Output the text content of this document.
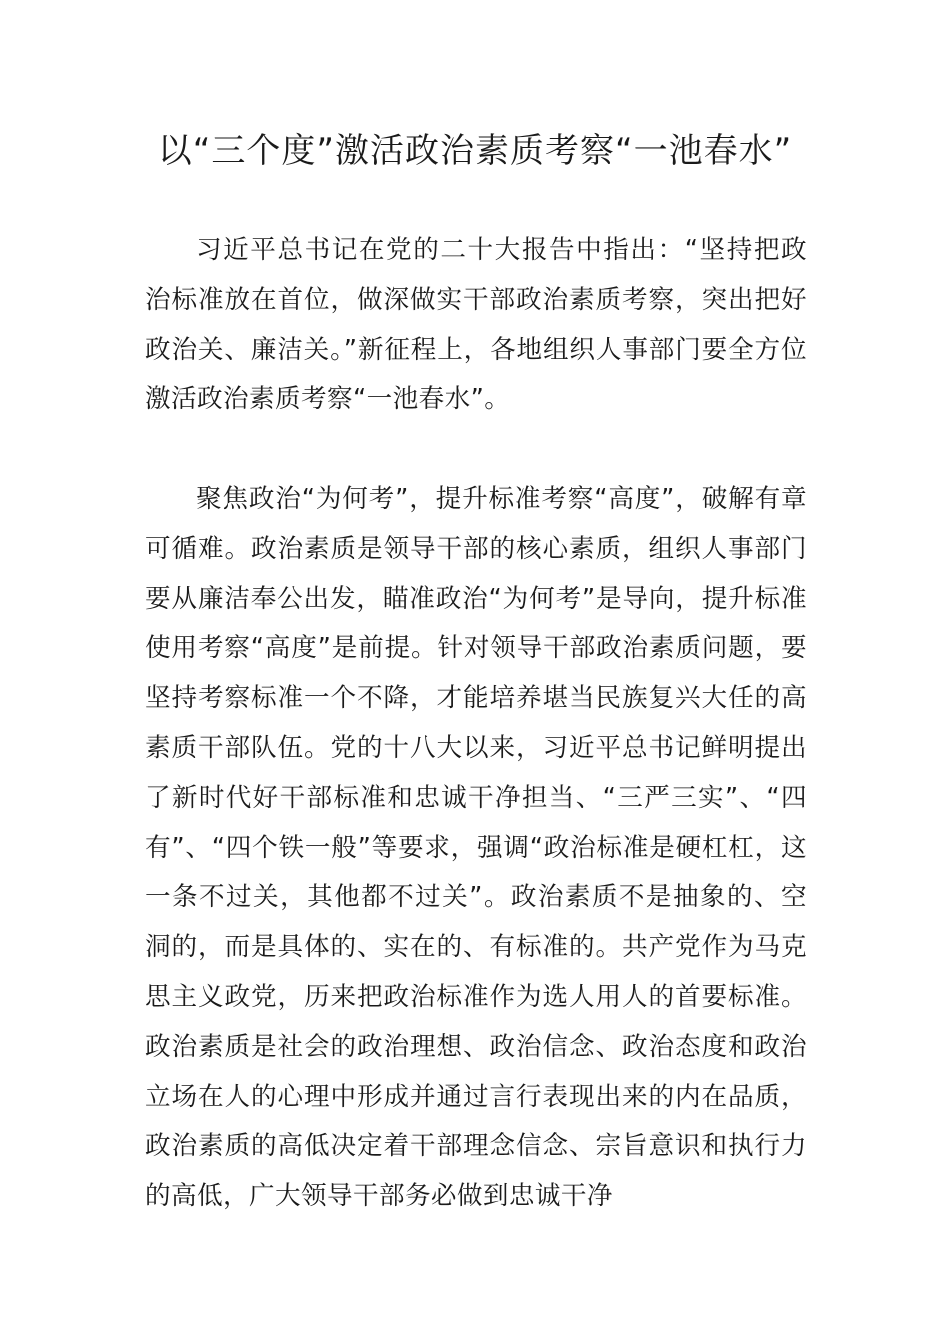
以“三个度”激活政治素质考察“一池春水”

习近平总书记在党的二十大报告中指出：“坚持把政治标准放在首位，做深做实干部政治素质考察，突出把好政治关、廉洁关。”新征程上，各地组织人事部门要全方位激活政治素质考察“一池春水”。

聚焦政治“为何考”，提升标准考察“高度”，破解有章可循难。政治素质是领导干部的核心素质，组织人事部门要从廉洁奉公出发，瞄准政治“为何考”是导向，提升标准使用考察“高度”是前提。针对领导干部政治素质问题，要坚持考察标准一个不降，才能培养堪当民族复兴大任的高素质干部队伍。党的十八大以来，习近平总书记鲜明提出了新时代好干部标准和忠诚干净担当、“三严三实”、“四有”、“四个铁一般”等要求，强调“政治标准是硬杠杠，这一条不过关，其他都不过关”。政治素质不是抽象的、空洞的，而是具体的、实在的、有标准的。共产党作为马克思主义政党，历来把政治标准作为选人用人的首要标准。政治素质是社会的政治理想、政治信念、政治态度和政治立场在人的心理中形成并通过言行表现出来的内在品质，政治素质的高低决定着干部理念信念、宗旨意识和执行力的高低，广大领导干部务必做到忠诚干净
